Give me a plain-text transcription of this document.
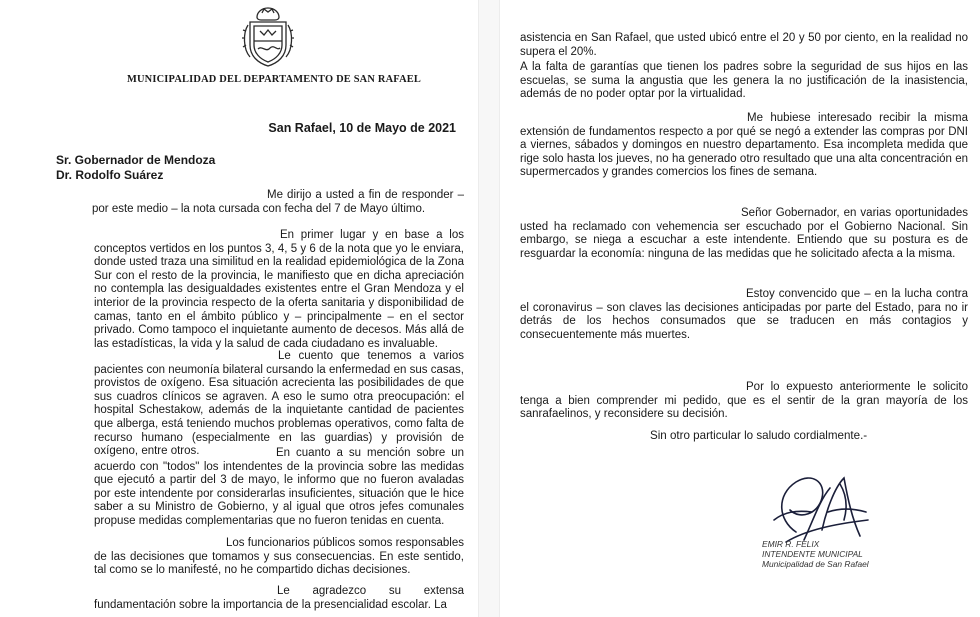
MUNICIPALIDAD DEL DEPARTAMENTO DE SAN RAFAEL
San Rafael, 10 de Mayo de 2021
Sr. Gobernador de Mendoza
Dr. Rodolfo Suárez

Me dirijo a usted a fin de responder – por este medio – la nota cursada con fecha del 7 de Mayo último.

En primer lugar y en base a los conceptos vertidos en los puntos 3, 4, 5 y 6 de la nota que yo le enviara, donde usted traza una similitud en la realidad epidemiológica de la Zona Sur con el resto de la provincia, le manifiesto que en dicha apreciación no contempla las desigualdades existentes entre el Gran Mendoza y el interior de la provincia respecto de la oferta sanitaria y disponibilidad de camas, tanto en el ámbito público y – principalmente – en el sector privado. Como tampoco el inquietante aumento de decesos. Más allá de las estadísticas, la vida y la salud de cada ciudadano es invaluable.

Le cuento que tenemos a varios pacientes con neumonía bilateral cursando la enfermedad en sus casas, provistos de oxígeno. Esa situación acrecienta las posibilidades de que sus cuadros clínicos se agraven. A eso le sumo otra preocupación: el hospital Schestakow, además de la inquietante cantidad de pacientes que alberga, está teniendo muchos problemas operativos, como falta de recurso humano (especialmente en las guardias) y provisión de oxígeno, entre otros.	En cuanto a su mención sobre un acuerdo con "todos" los intendentes de la provincia sobre las medidas que ejecutó a partir del 3 de mayo, le informo que no fueron avaladas por este intendente por considerarlas insuficientes, situación que le hice saber a su Ministro de Gobierno, y al igual que otros jefes comunales propuse medidas complementarias que no fueron tenidas en cuenta.

Los funcionarios públicos somos responsables de las decisiones que tomamos y sus consecuencias. En este sentido, tal como se lo manifesté, no he compartido dichas decisiones.

Le agradezco su extensa fundamentación sobre la importancia de la presencialidad escolar. La

asistencia en San Rafael, que usted ubicó entre el 20 y 50 por ciento, en la realidad no supera el 20%.

A la falta de garantías que tienen los padres sobre la seguridad de sus hijos en las escuelas, se suma la angustia que les genera la no justificación de la inasistencia, además de no poder optar por la virtualidad.

Me hubiese interesado recibir la misma extensión de fundamentos respecto a por qué se negó a extender las compras por DNI a viernes, sábados y domingos en nuestro departamento. Esa incompleta medida que rige solo hasta los jueves, no ha generado otro resultado que una alta concentración en supermercados y grandes comercios los fines de semana.

Señor Gobernador, en varias oportunidades usted ha reclamado con vehemencia ser escuchado por el Gobierno Nacional. Sin embargo, se niega a escuchar a este intendente. Entiendo que su postura es de resguardar la economía: ninguna de las medidas que he solicitado afecta a la misma.

Estoy convencido que – en la lucha contra el coronavirus – son claves las decisiones anticipadas por parte del Estado, para no ir detrás de los hechos consumados que se traducen en más contagios y consecuentemente más muertes.

Por lo expuesto anteriormente le solicito tenga a bien comprender mi pedido, que es el sentir de la gran mayoría de los sanrafaelinos, y reconsidere su decisión.

Sin otro particular lo saludo cordialmente.-
EMIR R. FELIX
INTENDENTE MUNICIPAL
Municipalidad de San Rafael
